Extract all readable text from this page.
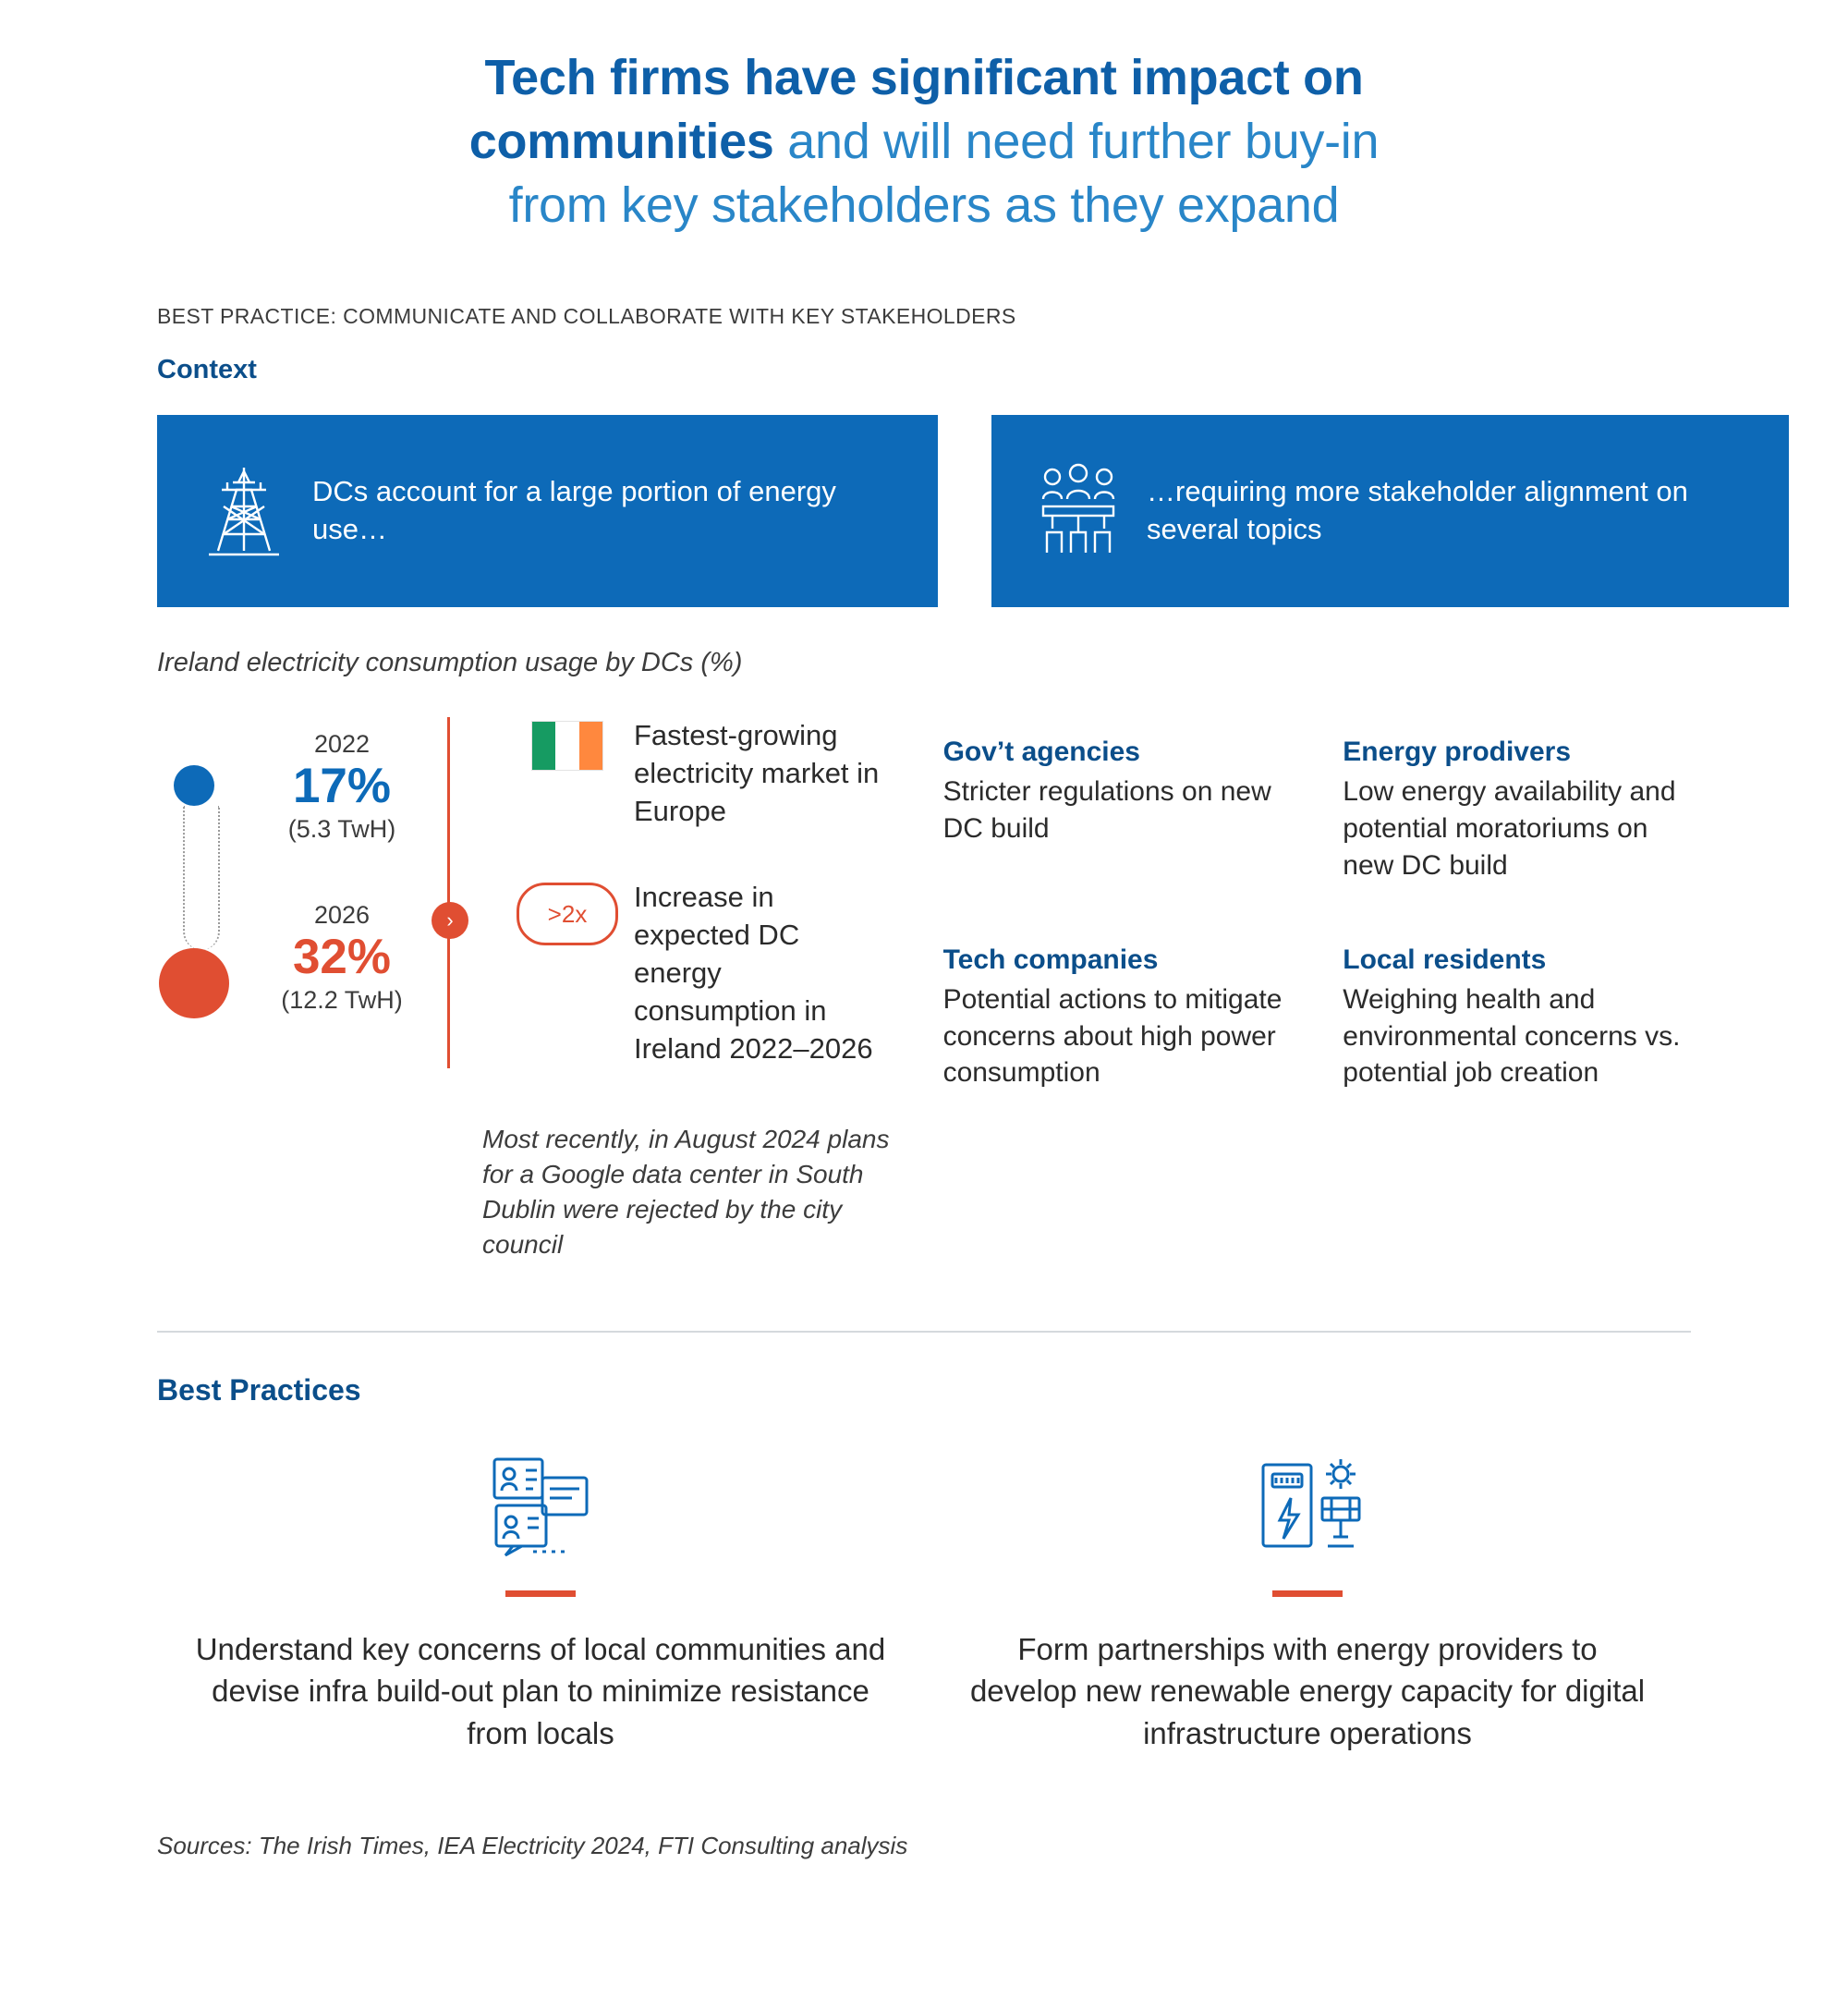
Tech firms have significant impact on
communities and will need further buy-in
from key stakeholders as they expand
BEST PRACTICE: COMMUNICATE AND COLLABORATE WITH KEY STAKEHOLDERS
Context
DCs account for a large portion of energy use…
…requiring more stakeholder alignment on several topics
Ireland electricity consumption usage by DCs (%)
2022
17%
(5.3 TwH)
2026
32%
(12.2 TwH)
›
Fastest-growing electricity market in Europe
>2x
Increase in expected DC energy consumption in Ireland 2022–2026
Most recently, in August 2024 plans for a Google data center in South Dublin were rejected by the city council
Gov’t agencies
Stricter regulations on new DC build
Energy prodivers
Low energy availability and potential moratoriums on new DC build
Tech companies
Potential actions to mitigate concerns about high power consumption
Local residents
Weighing health and environmental concerns vs. potential job creation
Best Practices
Understand key concerns of local communities and devise infra build-out plan to minimize resistance from locals
Form partnerships with energy providers to develop new renewable energy capacity for digital infrastructure operations
Sources: The Irish Times, IEA Electricity 2024, FTI Consulting analysis
